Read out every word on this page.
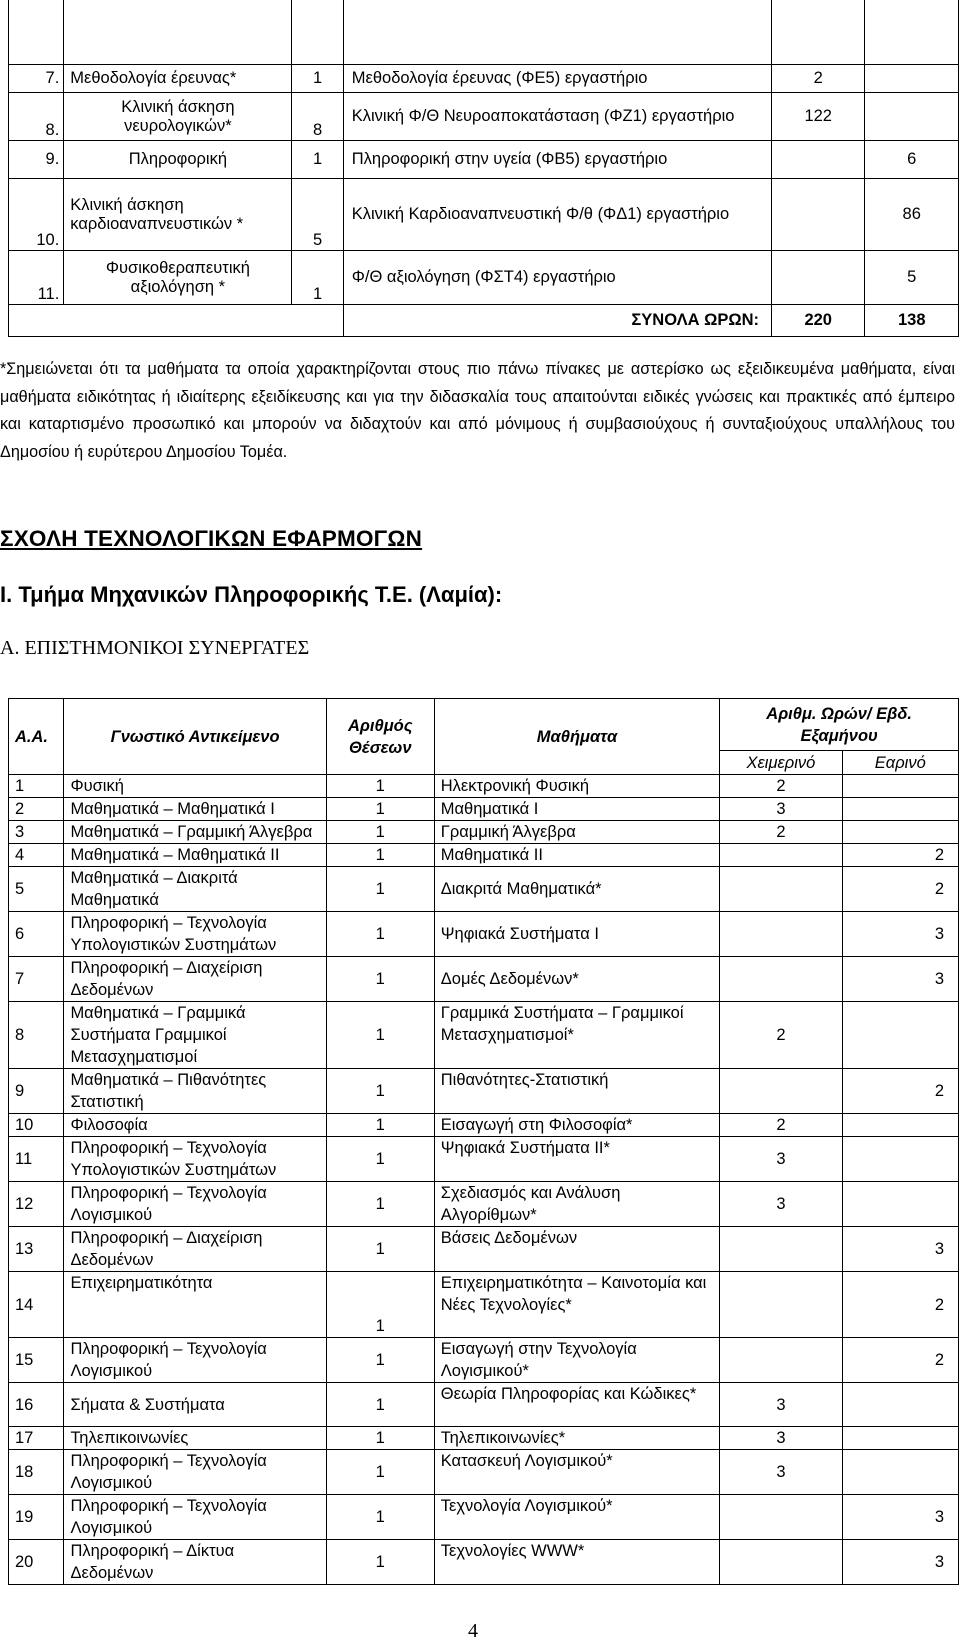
7.	Μεθοδολογία έρευνας*	1	Μεθοδολογία έρευνας (ΦΕ5) εργαστήριο	2	
8.	Κλινική άσκηση νευρολογικών*	8	Κλινική Φ/Θ Νευροαποκατάσταση (ΦΖ1) εργαστήριο	122	
9.	Πληροφορική	1	Πληροφορική στην υγεία (ΦΒ5) εργαστήριο		6
10.	Κλινική άσκηση καρδιοαναπνευστικών *	5	Κλινική Καρδιοαναπνευστική Φ/θ (ΦΔ1) εργαστήριο		86
11.	Φυσικοθεραπευτική αξιολόγηση *	1	Φ/Θ αξιολόγηση (ΦΣΤ4) εργαστήριο		5
			ΣΥΝΟΛΑ ΩΡΩΝ:	220	138
*Σημειώνεται ότι τα μαθήματα τα οποία χαρακτηρίζονται στους πιο πάνω πίνακες με αστερίσκο ως εξειδικευμένα μαθήματα, είναι μαθήματα ειδικότητας ή ιδιαίτερης εξειδίκευσης και για την διδασκαλία τους απαιτούνται ειδικές γνώσεις και πρακτικές από έμπειρο και καταρτισμένο προσωπικό και μπορούν να διδαχτούν και από μόνιμους ή συμβασιούχους ή συνταξιούχους υπαλλήλους του Δημοσίου ή ευρύτερου Δημοσίου Τομέα.
ΣΧΟΛΗ ΤΕΧΝΟΛΟΓΙΚΩΝ ΕΦΑΡΜΟΓΩΝ
Ι. Τμήμα Μηχανικών Πληροφορικής Τ.Ε. (Λαμία):
Α. ΕΠΙΣΤΗΜΟΝΙΚΟΙ ΣΥΝΕΡΓΑΤΕΣ
Α.Α.	Γνωστικό Αντικείμενο	Αριθμός Θέσεων	Μαθήματα	Αριθμ. Ωρών/ Εβδ. Εξαμήνου	
				Χειμερινό	Εαρινό
1	Φυσική	1	Ηλεκτρονική Φυσική	2	
2	Μαθηματικά – Μαθηματικά Ι	1	Μαθηματικά Ι	3	
3	Μαθηματικά – Γραμμική Άλγεβρα	1	Γραμμική Άλγεβρα	2	
4	Μαθηματικά – Μαθηματικά ΙΙ	1	Μαθηματικά ΙΙ		2
5	Μαθηματικά – Διακριτά Μαθηματικά	1	Διακριτά Μαθηματικά*		2
6	Πληροφορική – Τεχνολογία Υπολογιστικών Συστημάτων	1	Ψηφιακά Συστήματα Ι		3
7	Πληροφορική – Διαχείριση Δεδομένων	1	Δομές Δεδομένων*		3
8	Μαθηματικά – Γραμμικά Συστήματα Γραμμικοί Μετασχηματισμοί	1	Γραμμικά Συστήματα – Γραμμικοί Μετασχηματισμοί*	2	
9	Μαθηματικά – Πιθανότητες Στατιστική	1	Πιθανότητες-Στατιστική		2
10	Φιλοσοφία	1	Εισαγωγή στη Φιλοσοφία*	2	
11	Πληροφορική – Τεχνολογία Υπολογιστικών Συστημάτων	1	Ψηφιακά Συστήματα ΙΙ*	3	
12	Πληροφορική – Τεχνολογία Λογισμικού	1	Σχεδιασμός και Ανάλυση Αλγορίθμων*	3	
13	Πληροφορική – Διαχείριση Δεδομένων	1	Βάσεις Δεδομένων		3
14	Επιχειρηματικότητα	1	Επιχειρηματικότητα – Καινοτομία και Νέες Τεχνολογίες*		2
15	Πληροφορική – Τεχνολογία Λογισμικού	1	Εισαγωγή στην Τεχνολογία Λογισμικού*		2
16	Σήματα & Συστήματα	1	Θεωρία Πληροφορίας και Κώδικες*	3	
17	Τηλεπικοινωνίες	1	Τηλεπικοινωνίες*	3	
18	Πληροφορική – Τεχνολογία Λογισμικού	1	Κατασκευή Λογισμικού*	3	
19	Πληροφορική – Τεχνολογία Λογισμικού	1	Τεχνολογία Λογισμικού*		3
20	Πληροφορική – Δίκτυα Δεδομένων	1	Τεχνολογίες WWW*		3
4
